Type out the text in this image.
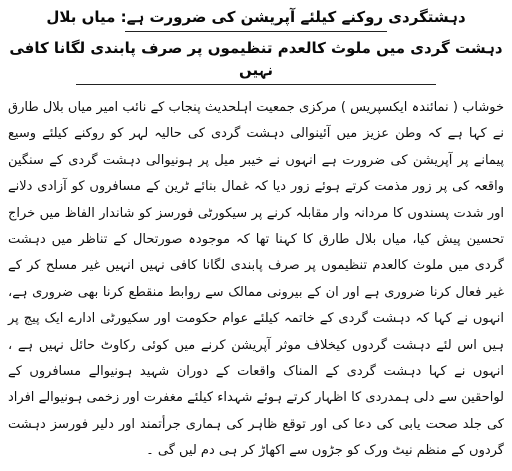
دہشتگردی روکنے کیلئے آپریشن کی ضرورت ہے: میاں بلال
دہشت گردی میں ملوث کالعدم تنظیموں پر صرف پابندی لگانا کافی نہیں

خوشاب ( نمائندہ ایکسپریس ) مرکزی جمعیت اہلحدیث پنجاب کے نائب امیر میاں بلال طارق نے کہا ہے کہ وطن عزیز میں آئینوالی دہشت گردی کی حالیہ لہر کو روکنے کیلئے وسیع پیمانے پر آپریشن کی ضرورت ہے انہوں نے خیبر میل پر ہونیوالی دہشت گردی کے سنگین واقعہ کی پر زور مذمت کرتے ہوئے زور دیا کہ غمال بنائے ٹرین کے مسافروں کو آزادی دلانے اور شدت پسندوں کا مردانہ وار مقابلہ کرنے پر سیکورٹی فورسز کو شاندار الفاظ میں خراج تحسین پیش کیا، میاں بلال طارق کا کہنا تھا کہ موجودہ صورتحال کے تناظر میں دہشت گردی میں ملوث کالعدم تنظیموں پر صرف پابندی لگانا کافی نہیں انہیں غیر مسلح کر کے غیر فعال کرنا ضروری ہے اور ان کے بیرونی ممالک سے روابط منقطع کرنا بھی ضروری ہے، انہوں نے کہا کہ دہشت گردی کے خاتمہ کیلئے عوام حکومت اور سکیورٹی ادارے ایک پیج پر ہیں اس لئے دہشت گردوں کیخلاف موثر آپریشن کرنے میں کوئی رکاوٹ حائل نہیں ہے ، انہوں نے کہا دہشت گردی کے المناک واقعات کے دوران شہید ہونیوالے مسافروں کے لواحقین سے دلی ہمدردی کا اظہار کرتے ہوئے شہداء کیلئے مغفرت اور زخمی ہونیوالے افراد کی جلد صحت یابی کی دعا کی اور توقع ظاہر کی ہماری جرأتمند اور دلیر فورسز دہشت گردوں کے منظم نیٹ ورک کو جڑوں سے اکھاڑ کر ہی دم لیں گی ۔
